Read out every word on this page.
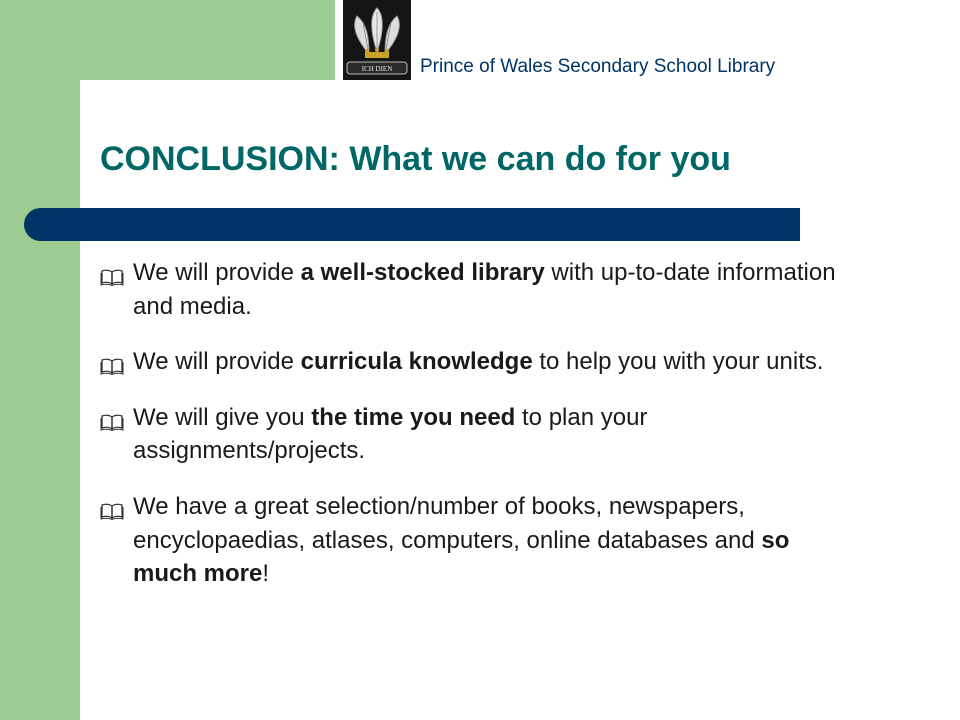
ICH DIEN Prince of Wales Secondary School Library
CONCLUSION: What we can do for you
We will provide a well-stocked library with up-to-date information and media.
We will provide curricula knowledge to help you with your units.
We will give you the time you need to plan your assignments/projects.
We have a great selection/number of books, newspapers, encyclopaedias, atlases, computers, online databases and so much more!
